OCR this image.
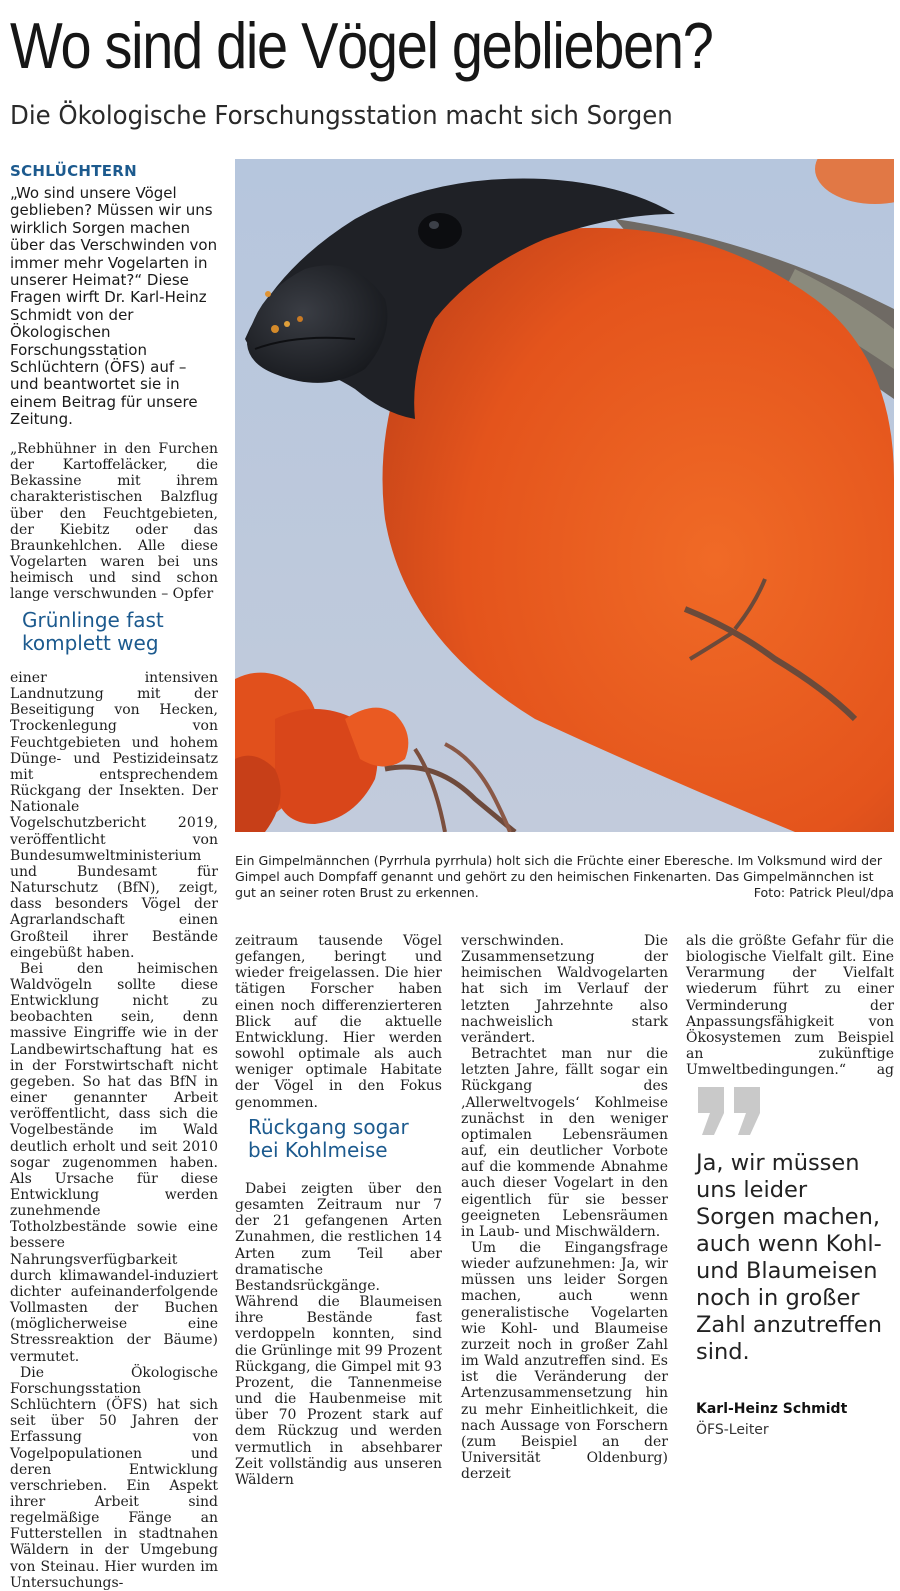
Wo sind die Vögel geblieben?
Die Ökologische Forschungsstation macht sich Sorgen
SCHLÜCHTERN

„Wo sind unsere Vögel geblieben? Müssen wir uns wirklich Sorgen machen über das Verschwinden von immer mehr Vogelarten in unserer Heimat?“ Diese Fragen wirft Dr. Karl-Heinz Schmidt von der Ökologischen Forschungsstation Schlüchtern (ÖFS) auf – und beantwortet sie in einem Beitrag für unsere Zeitung.

„Rebhühner in den Furchen der Kartoffeläcker, die Bekassine mit ihrem charakteristischen Balzflug über den Feuchtgebieten, der Kiebitz oder das Braunkehlchen. Alle diese Vogelarten waren bei uns heimisch und sind schon lange verschwunden – Opfer

Grünlinge fast komplett weg

einer intensiven Landnutzung mit der Beseitigung von Hecken, Trockenlegung von Feuchtgebieten und hohem Dünge- und Pestizideinsatz mit entsprechendem Rückgang der Insekten. Der Nationale Vogelschutzbericht 2019, veröffentlicht von Bundesumweltministerium und Bundesamt für Naturschutz (BfN), zeigt, dass besonders Vögel der Agrarlandschaft einen Großteil ihrer Bestände eingebüßt haben.

Bei den heimischen Waldvögeln sollte diese Entwicklung nicht zu beobachten sein, denn massive Eingriffe wie in der Landbewirtschaftung hat es in der Forstwirtschaft nicht gegeben. So hat das BfN in einer genannter Arbeit veröffentlicht, dass sich die Vogelbestände im Wald deutlich erholt und seit 2010 sogar zugenommen haben. Als Ursache für diese Entwicklung werden zunehmende Totholzbestände sowie eine bessere Nahrungsverfügbarkeit durch klimawandel-induziert dichter aufeinanderfolgende Vollmasten der Buchen (möglicherweise eine Stressreaktion der Bäume) vermutet.

Die Ökologische Forschungsstation Schlüchtern (ÖFS) hat sich seit über 50 Jahren der Erfassung von Vogelpopulationen und deren Entwicklung verschrieben. Ein Aspekt ihrer Arbeit sind regelmäßige Fänge an Futterstellen in stadtnahen Wäldern in der Umgebung von Steinau. Hier wurden im Untersuchungs-

Ein Gimpelmännchen (Pyrrhula pyrrhula) holt sich die Früchte einer Eberesche. Im Volksmund wird der Gimpel auch Dompfaff genannt und gehört zu den heimischen Finkenarten. Das Gimpelmännchen ist gut an seiner roten Brust zu erkennen.	Foto: Patrick Pleul/dpa

zeitraum tausende Vögel gefangen, beringt und wieder freigelassen. Die hier tätigen Forscher haben einen noch differenzierteren Blick auf die aktuelle Entwicklung. Hier werden sowohl optimale als auch weniger optimale Habitate der Vögel in den Fokus genommen.

Rückgang sogar bei Kohlmeise

Dabei zeigten über den gesamten Zeitraum nur 7 der 21 gefangenen Arten Zunahmen, die restlichen 14 Arten zum Teil aber dramatische Bestandsrückgänge. Während die Blaumeisen ihre Bestände fast verdoppeln konnten, sind die Grünlinge mit 99 Prozent Rückgang, die Gimpel mit 93 Prozent, die Tannenmeise und die Haubenmeise mit über 70 Prozent stark auf dem Rückzug und werden vermutlich in absehbarer Zeit vollständig aus unseren Wäldern

verschwinden. Die Zusammensetzung der heimischen Waldvogelarten hat sich im Verlauf der letzten Jahrzehnte also nachweislich stark verändert.

Betrachtet man nur die letzten Jahre, fällt sogar ein Rückgang des ‚Allerweltvogels‘ Kohlmeise zunächst in den weniger optimalen Lebensräumen auf, ein deutlicher Vorbote auf die kommende Abnahme auch dieser Vogelart in den eigentlich für sie besser geeigneten Lebensräumen in Laub- und Mischwäldern.

Um die Eingangsfrage wieder aufzunehmen: Ja, wir müssen uns leider Sorgen machen, auch wenn generalistische Vogelarten wie Kohl- und Blaumeise zurzeit noch in großer Zahl im Wald anzutreffen sind. Es ist die Veränderung der Artenzusammensetzung hin zu mehr Einheitlichkeit, die nach Aussage von Forschern (zum Beispiel an der Universität Oldenburg) derzeit

als die größte Gefahr für die biologische Vielfalt gilt. Eine Verarmung der Vielfalt wiederum führt zu einer Verminderung der Anpassungsfähigkeit von Ökosystemen zum Beispiel an zukünftige Umweltbedingungen.“ ag

Ja, wir müssen uns leider Sorgen machen, auch wenn Kohl- und Blaumeisen noch in großer Zahl anzutreffen sind.
Karl-Heinz Schmidt
ÖFS-Leiter
